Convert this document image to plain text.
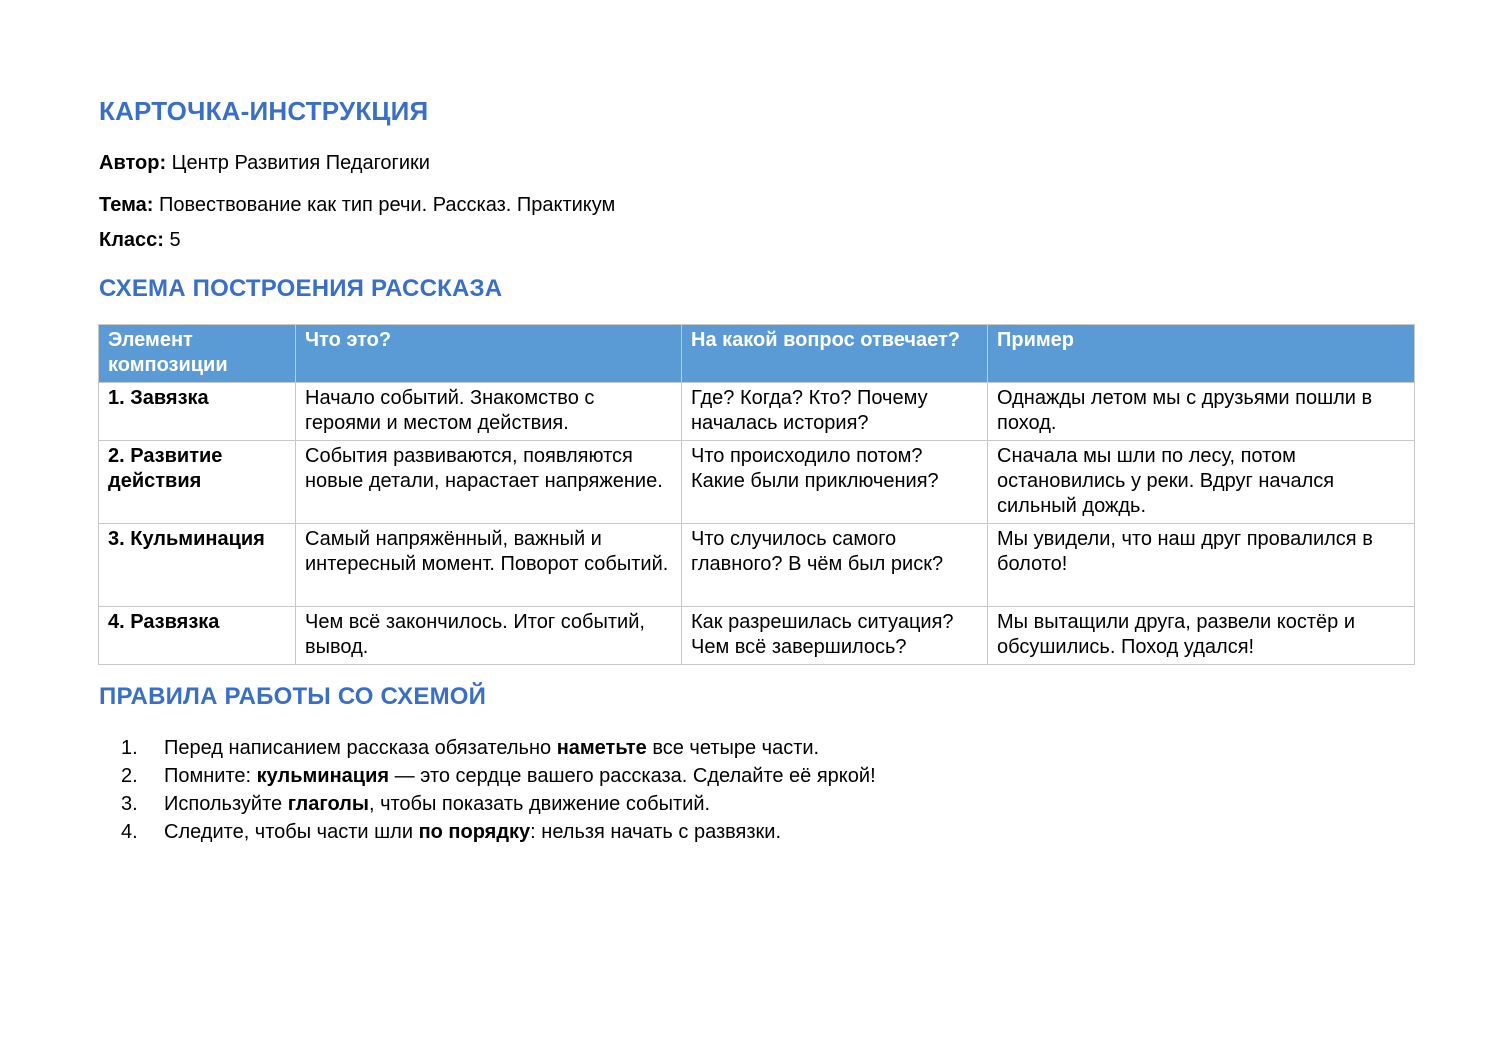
КАРТОЧКА-ИНСТРУКЦИЯ

Автор: Центр Развития Педагогики

Тема: Повествование как тип речи. Рассказ. Практикум

Класс: 5

СХЕМА ПОСТРОЕНИЯ РАССКАЗА
Элемент композиции	Что это?	На какой вопрос отвечает?	Пример
1. Завязка	Начало событий. Знакомство с героями и местом действия.	Где? Когда? Кто? Почему началась история?	Однажды летом мы с друзьями пошли в поход.
2. Развитие действия	События развиваются, появляются новые детали, нарастает напряжение.	Что происходило потом? Какие были приключения?	Сначала мы шли по лесу, потом остановились у реки. Вдруг начался сильный дождь.
3. Кульминация	Самый напряжённый, важный и интересный момент. Поворот событий.	Что случилось самого главного? В чём был риск?	Мы увидели, что наш друг провалился в болото!
4. Развязка	Чем всё закончилось. Итог событий, вывод.	Как разрешилась ситуация? Чем всё завершилось?	Мы вытащили друга, развели костёр и обсушились. Поход удался!
ПРАВИЛА РАБОТЫ СО СХЕМОЙ
1. Перед написанием рассказа обязательно наметьте все четыре части.
2. Помните: кульминация — это сердце вашего рассказа. Сделайте её яркой!
3. Используйте глаголы, чтобы показать движение событий.
4. Следите, чтобы части шли по порядку: нельзя начать с развязки.
